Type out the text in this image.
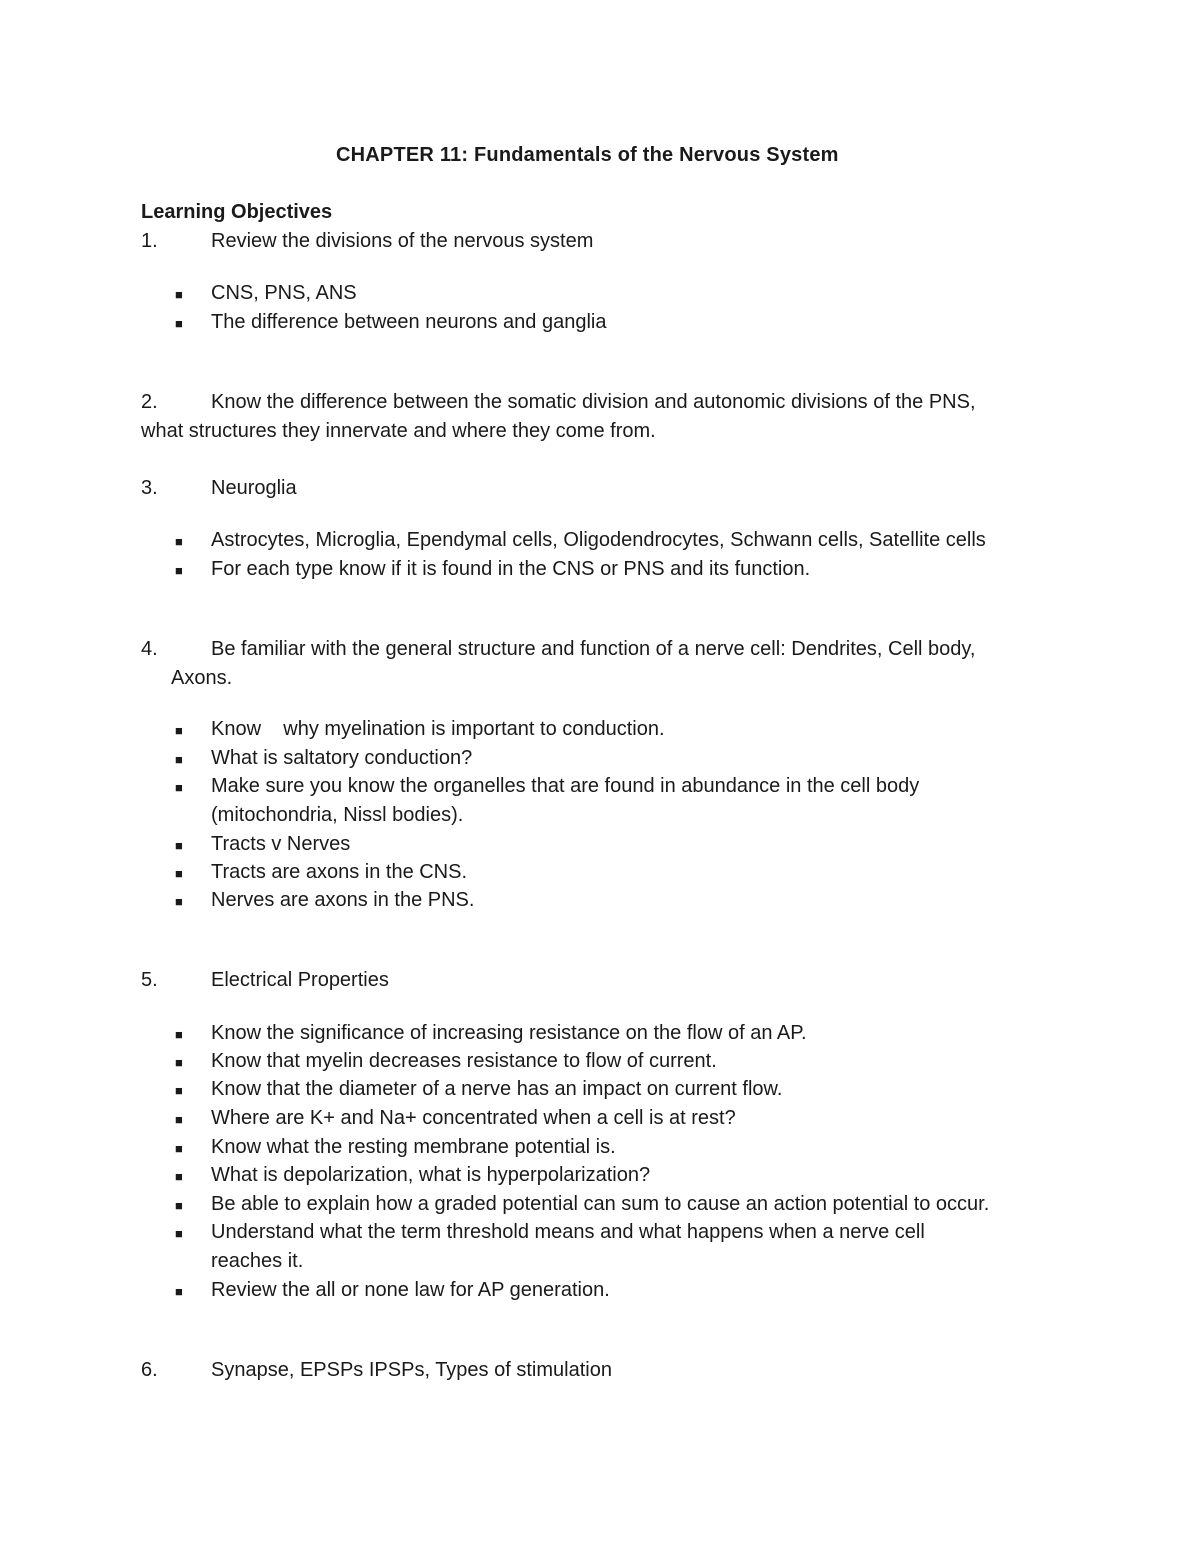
CHAPTER 11: Fundamentals of the Nervous System
Learning Objectives
1.	Review the divisions of the nervous system
■ CNS, PNS, ANS
■ The difference between neurons and ganglia
2.	Know the difference between the somatic division and autonomic divisions of the PNS,
what structures they innervate and where they come from.
3.	Neuroglia
■ Astrocytes, Microglia, Ependymal cells, Oligodendrocytes, Schwann cells, Satellite cells
■ For each type know if it is found in the CNS or PNS and its function.
4.	Be familiar with the general structure and function of a nerve cell: Dendrites, Cell body,
Axons.
■ Know    why myelination is important to conduction.
■ What is saltatory conduction?
■ Make sure you know the organelles that are found in abundance in the cell body
(mitochondria, Nissl bodies).
■ Tracts v Nerves
■ Tracts are axons in the CNS.
■ Nerves are axons in the PNS.
5.	Electrical Properties
■ Know the significance of increasing resistance on the flow of an AP.
■ Know that myelin decreases resistance to flow of current.
■ Know that the diameter of a nerve has an impact on current flow.
■ Where are K+ and Na+ concentrated when a cell is at rest?
■ Know what the resting membrane potential is.
■ What is depolarization, what is hyperpolarization?
■ Be able to explain how a graded potential can sum to cause an action potential to occur.
■ Understand what the term threshold means and what happens when a nerve cell
reaches it.
■ Review the all or none law for AP generation.
6.	Synapse, EPSPs IPSPs, Types of stimulation
